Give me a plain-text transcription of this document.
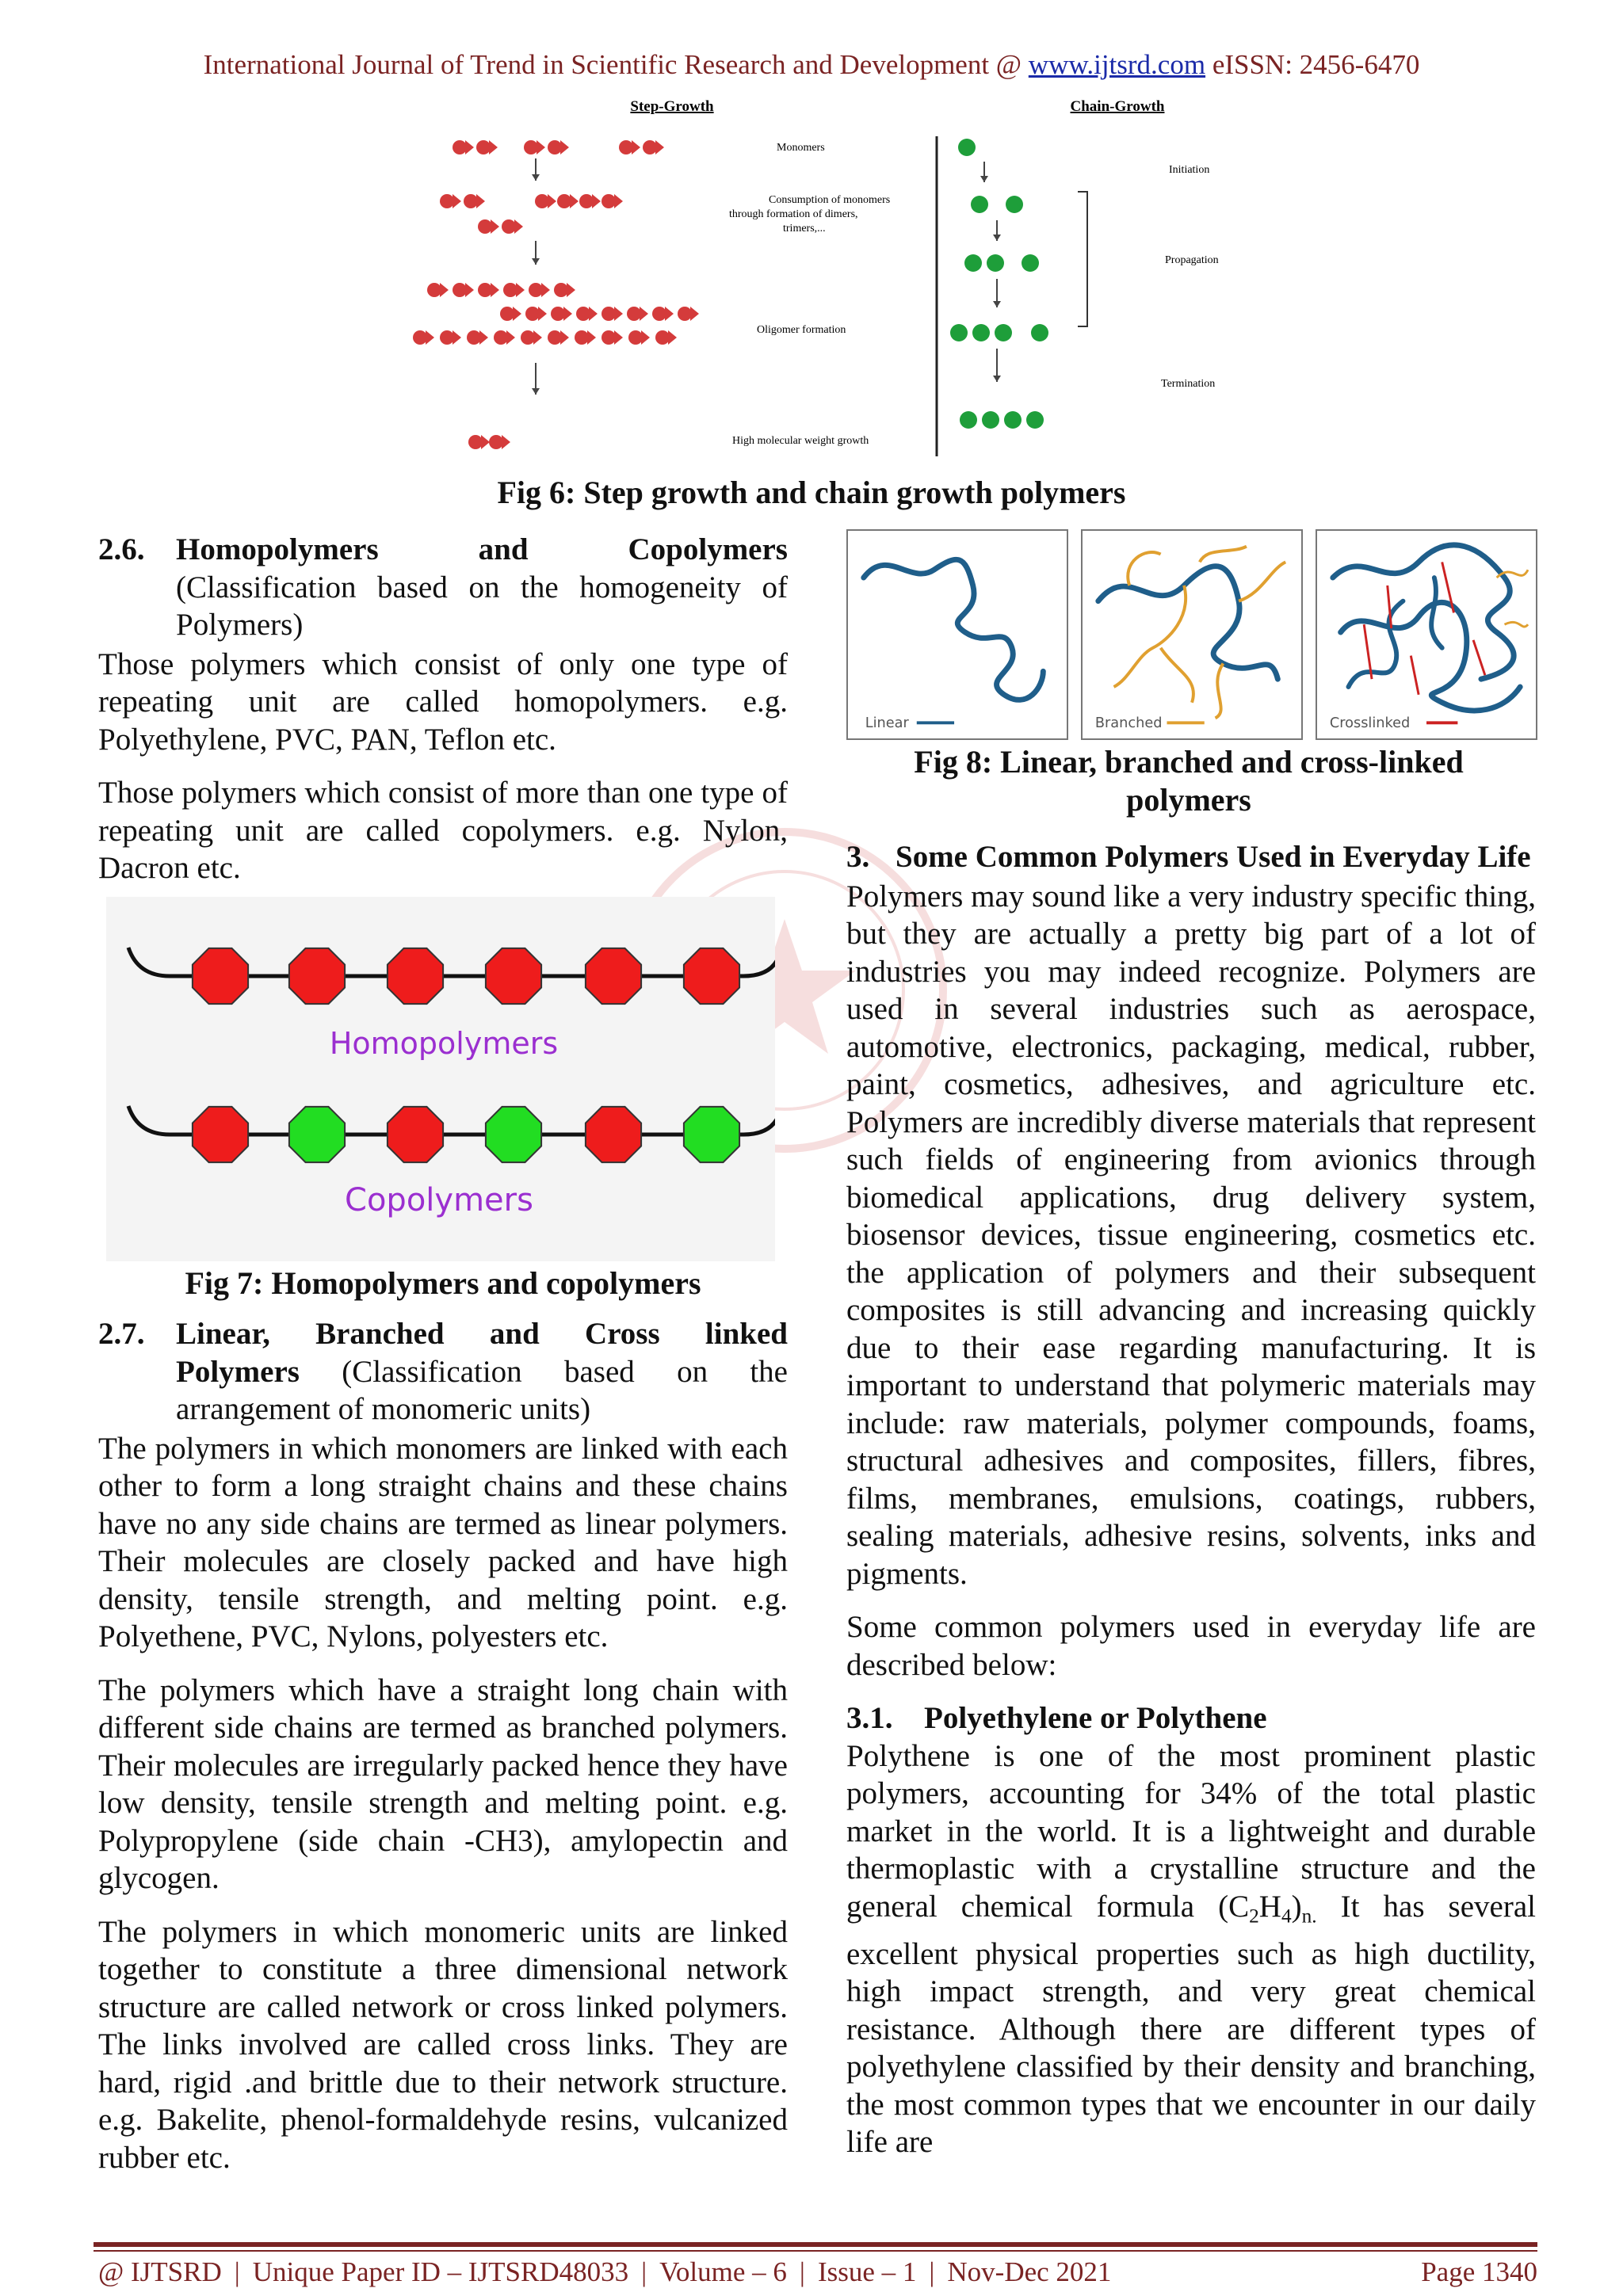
International Journal of Trend in Scientific Research and Development @ www.ijtsrd.com eISSN: 2456-6470
Step-Growth	Chain-Growth
Monomers
Consumption of monomers
through formation of dimers,
trimers,...
Oligomer formation
High molecular weight growth
Initiation
Propagation
Termination
Fig 6: Step growth and chain growth polymers
2.6.	Homopolymers	and	Copolymers
(Classification based on the homogeneity of Polymers)

Those polymers which consist of only one type of repeating unit are called homopolymers. e.g. Polyethylene, PVC, PAN, Teflon etc.

Those polymers which consist of more than one type of repeating unit are called copolymers. e.g. Nylon, Dacron etc.

Homopolymers
Copolymers
Fig 7: Homopolymers and copolymers
2.7.	Linear, Branched and Cross linked
Polymers (Classification based on the
arrangement of monomeric units)

The polymers in which monomers are linked with each other to form a long straight chains and these chains have no any side chains are termed as linear polymers. Their molecules are closely packed and have high density, tensile strength, and melting point. e.g. Polyethene, PVC, Nylons, polyesters etc.

The polymers which have a straight long chain with different side chains are termed as branched polymers. Their molecules are irregularly packed hence they have low density, tensile strength and melting point. e.g. Polypropylene (side chain -CH3), amylopectin and glycogen.

The polymers in which monomeric units are linked together to constitute a three dimensional network structure are called network or cross linked polymers. The links involved are called cross links. They are hard, rigid .and brittle due to their network structure. e.g. Bakelite, phenol-formaldehyde resins, vulcanized rubber etc.

Linear	Branched	Crosslinked
Fig 8: Linear, branched and cross-linked polymers
3. Some Common Polymers Used in Everyday Life

Polymers may sound like a very industry specific thing, but they are actually a pretty big part of a lot of industries you may indeed recognize. Polymers are used in several industries such as aerospace, automotive, electronics, packaging, medical, rubber, paint, cosmetics, adhesives, and agriculture etc. Polymers are incredibly diverse materials that represent such fields of engineering from avionics through biomedical applications, drug delivery system, biosensor devices, tissue engineering, cosmetics etc. the application of polymers and their subsequent composites is still advancing and increasing quickly due to their ease regarding manufacturing. It is important to understand that polymeric materials may include: raw materials, polymer compounds, foams, structural adhesives and composites, fillers, fibres, films, membranes, emulsions, coatings, rubbers, sealing materials, adhesive resins, solvents, inks and pigments.

Some common polymers used in everyday life are described below:

3.1.	Polyethylene or Polythene

Polythene is one of the most prominent plastic polymers, accounting for 34% of the total plastic market in the world. It is a lightweight and durable thermoplastic with a crystalline structure and the general chemical formula $(C_2H_4)_{n.}$ It has several excellent physical properties such as high ductility, high impact strength, and very great chemical resistance. Although there are different types of polyethylene classified by their density and branching, the most common types that we encounter in our daily life are

@ IJTSRD | Unique Paper ID – IJTSRD48033 | Volume – 6 | Issue – 1 | Nov-Dec 2021	Page 1340
